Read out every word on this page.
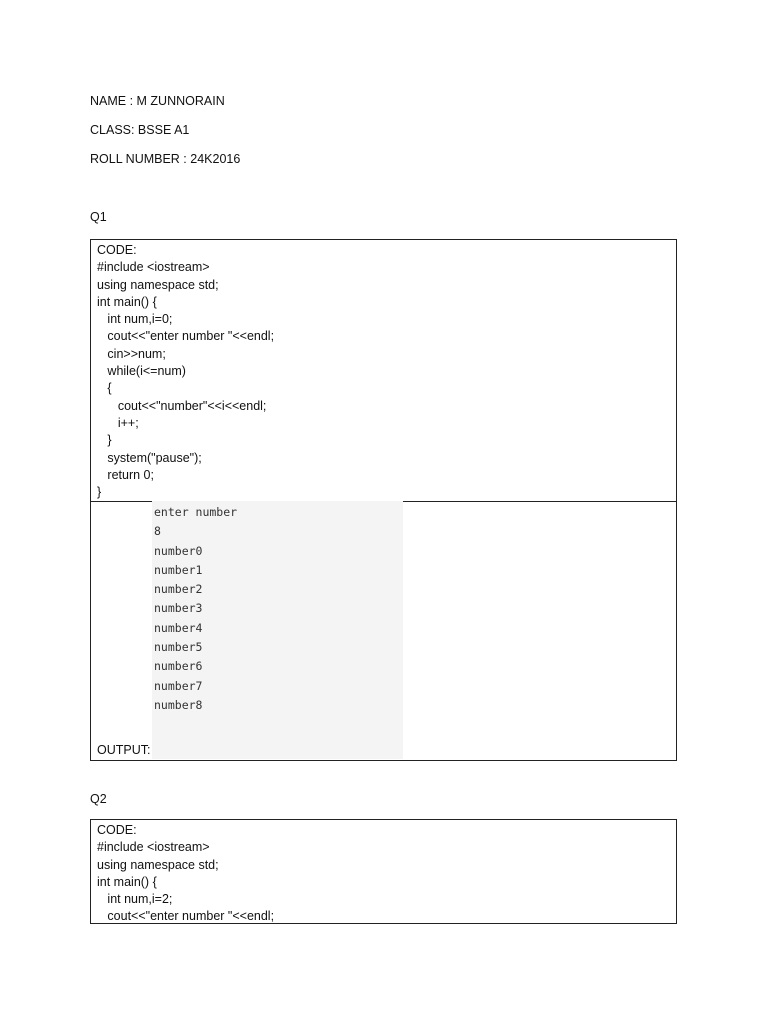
NAME : M ZUNNORAIN
CLASS: BSSE A1
ROLL NUMBER : 24K2016
Q1
CODE:
#include <iostream>
using namespace std;
int main() {
int num,i=0;
cout<<"enter number "<<endl;
cin>>num;
while(i<=num)
{
cout<<"number"<<i<<endl;
i++;
}
system("pause");
return 0;
}
enter number
8
number0
number1
number2
number3
number4
number5
number6
number7
number8
OUTPUT:
Q2
CODE:
#include <iostream>
using namespace std;
int main() {
int num,i=2;
cout<<"enter number "<<endl;
